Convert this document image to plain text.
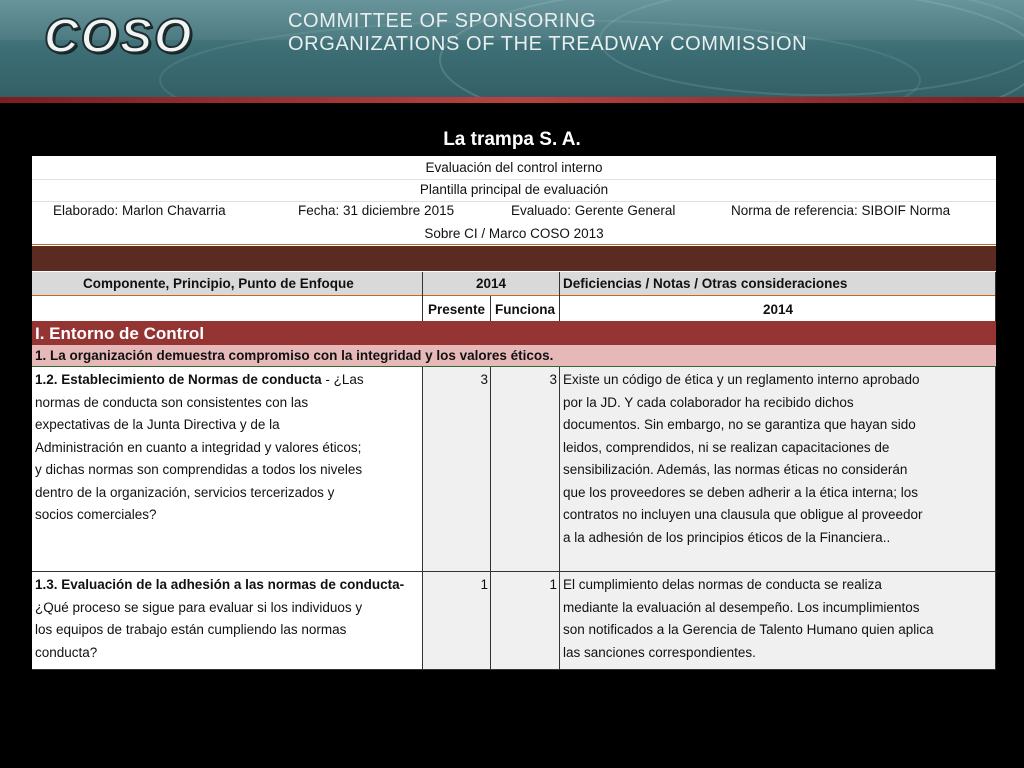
COSO	COMMITTEE OF SPONSORING
ORGANIZATIONS OF THE TREADWAY COMMISSION
La trampa S. A.
Evaluación del control interno
Plantilla principal de evaluación
Elaborado: Marlon Chavarria	Fecha: 31 diciembre 2015	Evaluado: Gerente General	Norma de referencia: SIBOIF Norma
Sobre CI / Marco COSO 2013
Componente, Principio, Punto de Enfoque	2014	Deficiencias / Notas / Otras consideraciones
Presente Funciona	2014
I. Entorno de Control
1. La organización demuestra compromiso con la integridad y los valores éticos.
1.2. Establecimiento de Normas de conducta - ¿Las
normas de conducta son consistentes con las
expectativas de la Junta Directiva y de la
Administración en cuanto a integridad y valores éticos;
y dichas normas son comprendidas a todos los niveles
dentro de la organización, servicios tercerizados y
socios comerciales?
3	3 Existe un código de ética y un reglamento interno aprobado
por la JD. Y cada colaborador ha recibido dichos
documentos. Sin embargo, no se garantiza que hayan sido
leidos, comprendidos, ni se realizan capacitaciones de
sensibilización. Además, las normas éticas no considerán
que los proveedores se deben adherir a la ética interna; los
contratos no incluyen una clausula que obligue al proveedor
a la adhesión de los principios éticos de la Financiera..
1.3. Evaluación de la adhesión a las normas de conducta-
¿Qué proceso se sigue para evaluar si los individuos y
los equipos de trabajo están cumpliendo las normas
conducta?
1	1 El cumplimiento delas normas de conducta se realiza
mediante la evaluación al desempeño. Los incumplimientos
son notificados a la Gerencia de Talento Humano quien aplica
las sanciones correspondientes.
